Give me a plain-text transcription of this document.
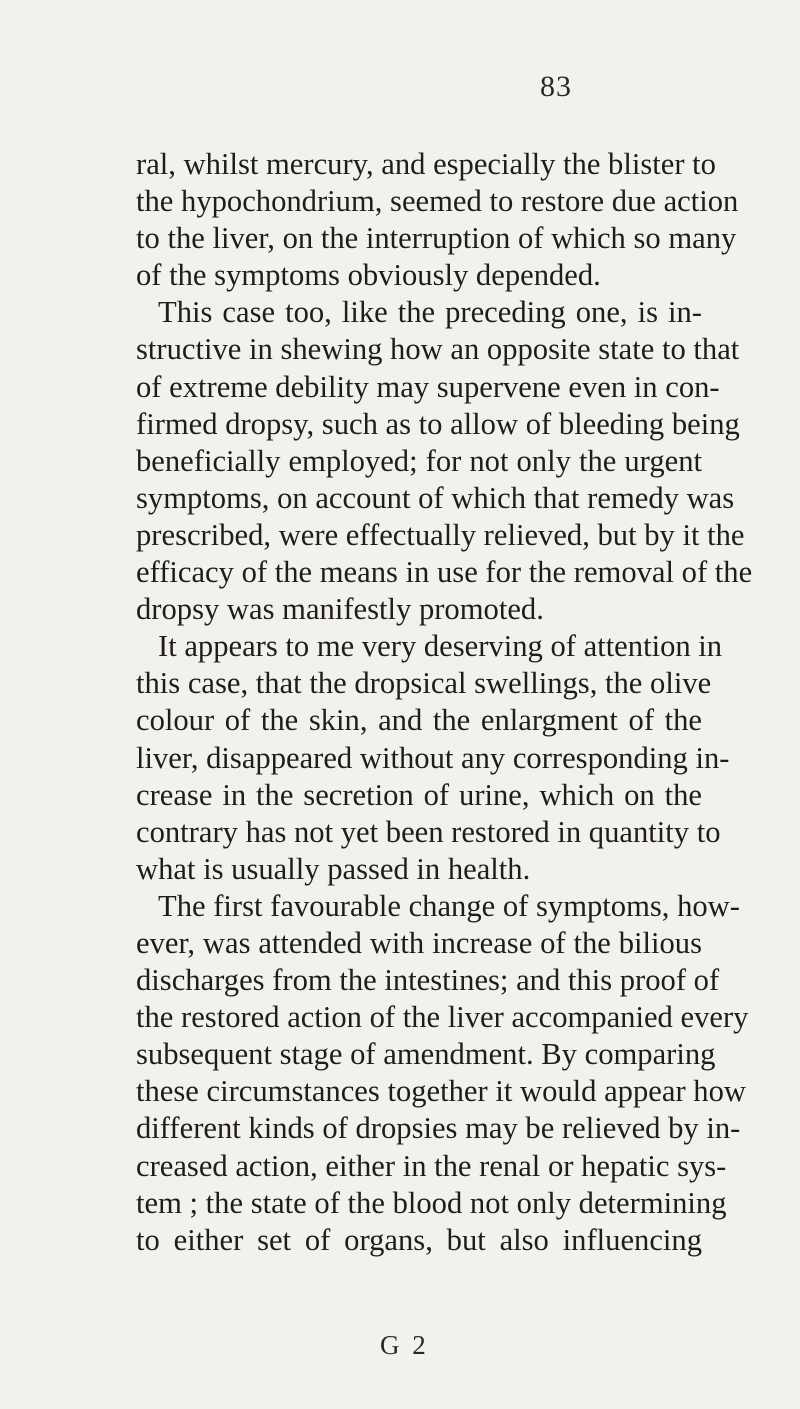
83
ral, whilst mercury, and especially the blister to
the hypochondrium, seemed to restore due action
to the liver, on the interruption of which so many
of the symptoms obviously depended.
This case too, like the preceding one, is in-
structive in shewing how an opposite state to that
of extreme debility may supervene even in con-
firmed dropsy, such as to allow of bleeding being
beneficially employed; for not only the urgent
symptoms, on account of which that remedy was
prescribed, were effectually relieved, but by it the
efficacy of the means in use for the removal of the
dropsy was manifestly promoted.
It appears to me very deserving of attention in
this case, that the dropsical swellings, the olive
colour of the skin, and the enlargment of the
liver, disappeared without any corresponding in-
crease in the secretion of urine, which on the
contrary has not yet been restored in quantity to
what is usually passed in health.
The first favourable change of symptoms, how-
ever, was attended with increase of the bilious
discharges from the intestines; and this proof of
the restored action of the liver accompanied every
subsequent stage of amendment. By comparing
these circumstances together it would appear how
different kinds of dropsies may be relieved by in-
creased action, either in the renal or hepatic sys-
tem ; the state of the blood not only determining
to either set of organs, but also influencing
G 2
